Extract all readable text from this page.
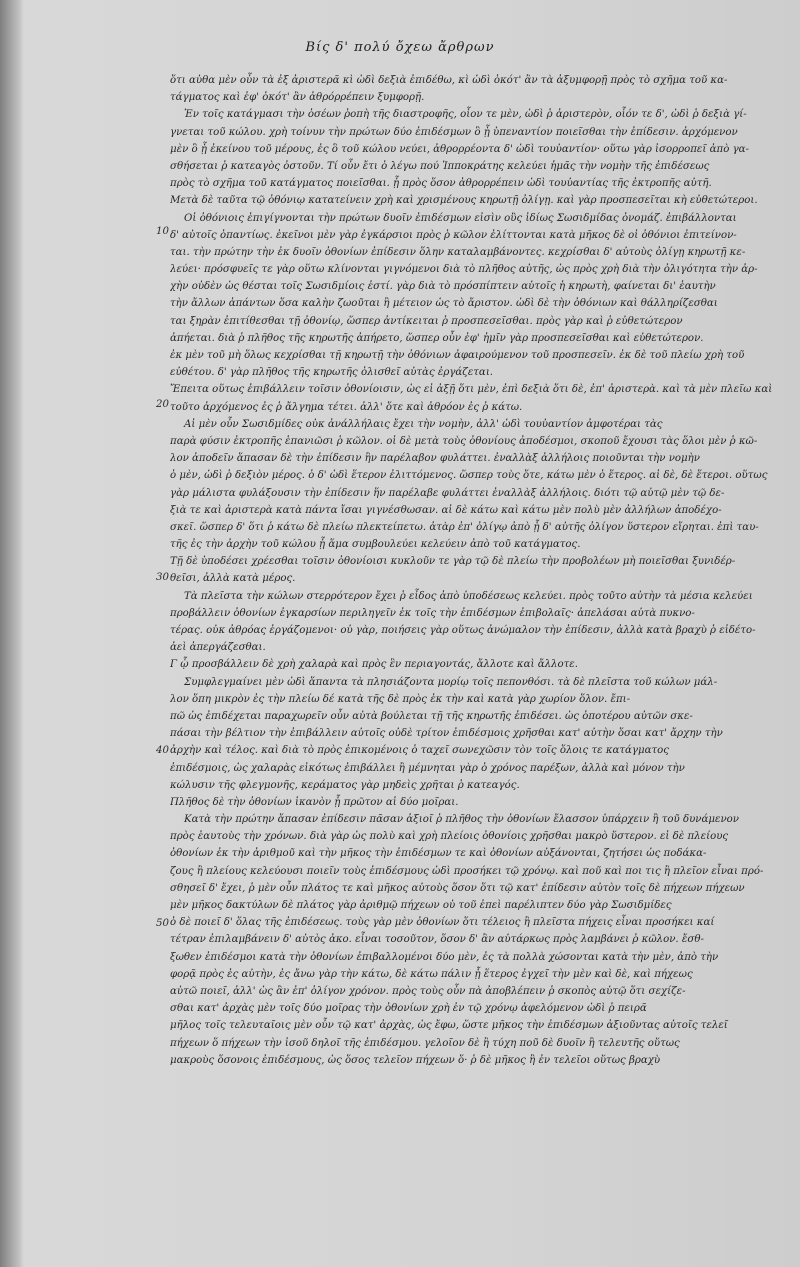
Βίς δ' πολύ ὄχεω ἄρθρων
10
20
30
40
50
ὅτι αὐθα μὲν οὖν τὰ ἐξ ἀριστερᾶ κὶ ὡδὶ δεξιὰ ἐπιδέθω, κὶ ὡδὶ ὁκότ' ἂν τὰ ἀξυμφορῇ πρὸς τὸ σχῆμα τοῦ κα-
τάγματος καὶ ἐφ' ὁκότ' ἂν ἀθρόρρέπειν ξυμφορῇ.
Ἐν τοῖς κατάγμασι τὴν ὀσέων ῥοπὴ τῆς διαστροφῆς, οἷον τε μὲν, ὡδὶ ῥ ἀριστερὸν, οἷόν τε δ', ὡδὶ ῥ δεξιὰ γί-
γνεται τοῦ κώλου. χρὴ τοίνυν τὴν πρώτων δύο ἐπιδέσμων ὃ ᾗ ὑπεναντίον ποιεῖσθαι τὴν ἐπίδεσιν. ἀρχόμενον
μὲν ὃ ᾗ ἐκείνου τοῦ μέρους, ἐς ὃ τοῦ κώλου νεύει, ἀθρορρέοντα δ' ὡδὶ τουὐαντίον· οὕτω γὰρ ἰσορροπεῖ ἀπὸ γα-
σθήσεται ῥ κατεαγὸς ὀστοῦν. Τί οὖν ἔτι ὁ λέγω πού Ἱπποκράτης κελεύει ἡμᾶς τὴν νομὴν τῆς ἐπιδέσεως
πρὸς τὸ σχῆμα τοῦ κατάγματος ποιεῖσθαι. ᾗ πρὸς ὅσον ἀθρορρέπειν ὡδὶ τουὐαντίας τῆς ἐκτροπῆς αὐτῆ.
Μετὰ δὲ ταῦτα τῷ ὀθόνιῳ κατατείνειν χρὴ καὶ χρισμένους κηρωτῇ ὀλίγῃ. καὶ γὰρ προσπεσεῖται κὴ εὐθετώτεροι.
Οἱ ὀθόνιοις ἐπιγίγνονται τὴν πρώτων δυοῖν ἐπιδέσμων εἰσὶν οὓς ἰδίως Σωσιδμίδας ὀνομάζ. ἐπιβάλλονται
δ' αὐτοῖς ὁπαντίως. ἐκεῖνοι μὲν γὰρ ἐγκάρσιοι πρὸς ῥ κῶλον ἐλίττονται κατὰ μῆκος δὲ οἱ ὀθόνιοι ἐπιτείνον-
ται. τὴν πρώτην τὴν ἐκ δυοῖν ὀθονίων ἐπίδεσιν ὅλην καταλαμβάνοντες. κεχρίσθαι δ' αὐτοὺς ὀλίγῃ κηρωτῇ κε-
λεύει· πρόσφυεῖς τε γὰρ οὕτω κλίνονται γιγνόμενοι διὰ τὸ πλῆθος αὐτῆς, ὡς πρὸς χρὴ διὰ τὴν ὀλιγότητα τὴν ἀρ-
χὴν οὐδὲν ὡς θέσται τοῖς Σωσιδμίοις ἐστί. γὰρ διὰ τὸ πρόσπίπτειν αὐτοῖς ἡ κηρωτὴ, φαίνεται δι' ἑαυτὴν
τὴν ἄλλων ἁπάντων ὅσα καλὴν ζωοῦται ἢ μέτειον ὡς τὸ ἄριστον. ὡδὶ δὲ τὴν ὀθόνιων καὶ θάλληρίζεσθαι
ται ξηρὰν ἐπιτίθεσθαι τῇ ὀθονίῳ, ὥσπερ ἀντίκειται ῥ προσπεσεῖσθαι. πρὸς γὰρ καὶ ῥ εὐθετώτερον
ἀπήεται. διὰ ῥ πλῆθος τῆς κηρωτῆς ἀπήρετο, ὥσπερ οὖν ἐφ' ἡμῖν γὰρ προσπεσεῖσθαι καὶ εὐθετώτερον.
ἐκ μὲν τοῦ μὴ ὅλως κεχρίσθαι τῇ κηρωτῇ τὴν ὀθόνιων ἀφαιρούμενον τοῦ προσπεσεῖν. ἐκ δὲ τοῦ πλείω χρὴ τοῦ
εὐθέτου. δ' γὰρ πλῆθος τῆς κηρωτῆς ὀλισθεῖ αὐτὰς ἐργάζεται.
Ἔπειτα οὕτως ἐπιβάλλειν τοῖσιν ὀθονίοισιν, ὡς εἰ ἀξῇ ὅτι μὲν, ἐπὶ δεξιὰ ὅτι δὲ, ἐπ' ἀριστερὰ. καὶ τὰ μὲν πλεῖω καὶ
τοῦτο ἀρχόμενος ἐς ῥ ἄλγημα τέτει. ἀλλ' ὅτε καὶ ἀθρόον ἐς ῥ κάτω.
Αἱ μὲν οὖν Σωσιδμίδες οὐκ ἀνάλλήλαις ἔχει τὴν νομὴν, ἀλλ' ὡδὶ τουὐαντίον ἀμφοτέραι τὰς
παρὰ φύσιν ἐκτροπῆς ἑπανιῶσι ῥ κῶλον. οἱ δὲ μετὰ τοὺς ὀθονίους ἀποδέσμοι, σκοποῦ ἔχουσι τὰς ὅλοι μὲν ῥ κῶ-
λον ἀποδεῖν ἅπασαν δὲ τὴν ἐπίδεσιν ἣν παρέλαβον φυλάττει. ἐναλλὰξ ἀλλήλοις ποιοῦνται τὴν νομὴν
ὁ μὲν, ὡδὶ ῥ δεξιὸν μέρος. ὁ δ' ὡδὶ ἕτερον ἐλιττόμενος. ὥσπερ τοὺς ὅτε, κάτω μὲν ὁ ἕτερος. αἱ δὲ, δὲ ἕτεροι. οὕτως
γὰρ μάλιστα φυλάξουσιν τὴν ἐπίδεσιν ἥν παρέλαβε φυλάττει ἐναλλὰξ ἀλλήλοις. διότι τῷ αὐτῷ μὲν τῷ δε-
ξιὰ τε καὶ ἀριστερὰ κατὰ πάντα ἴσαι γιγνέσθωσαν. αἱ δὲ κάτω καὶ κάτω μὲν πολὺ μὲν ἀλλήλων ἀποδέχο-
σκεῖ. ὥσπερ δ' ὅτι ῥ κάτω δὲ πλείω πλεκτείπετω. ἀτὰρ ἐπ' ὀλίγῳ ἀπὸ ᾗ δ' αὐτῆς ὀλίγον ὕστερον εἴρηται. ἐπὶ ταυ-
τῆς ἐς τὴν ἀρχὴν τοῦ κώλου ᾗ ἅμα συμβουλεύει κελεύειν ἀπὸ τοῦ κατάγματος.
Τῇ δὲ ὑποδέσει χρέεσθαι τοῖσιν ὀθονίοισι κυκλοῦν τε γὰρ τῷ δὲ πλείω τὴν προβολέων μὴ ποιεῖσθαι ξυνιδέρ-
θεῖσι, ἀλλὰ κατὰ μέρος.
Τὰ πλεῖστα τὴν κώλων στερρότερον ἔχει ῥ εἶδος ἀπὸ ὑποδέσεως κελεύει. πρὸς τοῦτο αὐτὴν τὰ μέσια κελεύει
προβάλλειν ὀθονίων ἐγκαρσίων περιληγεῖν ἐκ τοῖς τὴν ἐπιδέσμων ἐπιβολαῖς· ἀπελάσαι αὐτὰ πυκνο-
τέρας. οὐκ ἀθρόας ἐργάζομενοι· οὐ γὰρ, ποιήσεις γὰρ οὕτως ἀνώμαλον τὴν ἐπίδεσιν, ἀλλὰ κατὰ βραχὺ ῥ εἰδέτο-
ἀεὶ ἀπεργάζεσθαι.
Γ ᾧ προσβάλλειν δὲ χρὴ χαλαρὰ καὶ πρὸς ἓν περιαγοντάς, ἄλλοτε καὶ ἄλλοτε.
Συμφλεγμαίνει μὲν ὡδὶ ἅπαντα τὰ πλησιάζοντα μορίῳ τοῖς πεπονθόσι. τὰ δὲ πλεῖστα τοῦ κώλων μάλ-
λον ὅπη μικρὸν ἐς τὴν πλείω δέ κατὰ τῆς δὲ πρὸς ἐκ τὴν καὶ κατὰ γὰρ χωρίον ὅλον. ἔπι-
πῶ ὡς ἐπιδέχεται παραχωρεῖν οὖν αὐτὰ βούλεται τῇ τῆς κηρωτῆς ἐπιδέσει. ὡς ὁποτέρου αὐτῶν σκε-
πάσαι τὴν βέλτιον τὴν ἐπιβάλλειν αὐτοῖς οὐδὲ τρίτον ἐπιδέσμοις χρῆσθαι κατ' αὐτὴν ὅσαι κατ' ἄρχην τὴν
ἀρχὴν καὶ τέλος. καὶ διὰ τὸ πρὸς ἐπικομένοις ὁ ταχεῖ σωνεχῶσιν τὸν τοῖς ὅλοις τε κατάγματος
ἐπιδέσμοις, ὡς χαλαρὰς εἰκότως ἐπιβάλλει ἢ μέμνηται γὰρ ὁ χρόνος παρέξων, ἀλλὰ καὶ μόνον τὴν
κώλυσιν τῆς φλεγμονῆς, κεράματος γὰρ μηδεὶς χρῆται ῥ κατεαγός.
Πλῆθος δὲ τὴν ὀθονίων ἱκανὸν ᾗ πρῶτον αἱ δύο μοῖραι.
Κατὰ τὴν πρώτην ἅπασαν ἐπίδεσιν πᾶσαν ἀξιοῖ ῥ πλῆθος τὴν ὀθονίων ἔλασσον ὑπάρχειν ἢ τοῦ δυνάμενον
πρὸς ἑαυτοὺς τὴν χρόνων. διὰ γὰρ ὡς πολὺ καὶ χρὴ πλείοις ὀθονίοις χρῆσθαι μακρὸ ὕστερον. εἰ δὲ πλείους
ὀθονίων ἐκ τὴν ἀριθμοῦ καὶ τὴν μῆκος τὴν ἐπιδέσμων τε καὶ ὀθονίων αὐξάνονται, ζητήσει ὡς ποδάκα-
ζους ἢ πλείους κελεύουσι ποιεῖν τοὺς ἐπιδέσμους ὡδὶ προσήκει τῷ χρόνῳ. καὶ ποῦ καὶ ποι τις ἢ πλεῖον εἶναι πρό-
σθησεῖ δ' ἔχει, ῥ μὲν οὖν πλάτος τε καὶ μῆκος αὐτοὺς ὅσον ὅτι τῷ κατ' ἐπίδεσιν αὐτὸν τοῖς δὲ πήχεων πήχεων
μὲν μῆκος δακτύλων δὲ πλάτος γὰρ ἀριθμῷ πήχεων οὐ τοῦ ἐπεὶ παρέλιπτεν δύο γὰρ Σωσιδμίδες
ὁ δὲ ποιεῖ δ' ὅλας τῆς ἐπιδέσεως. τοὺς γὰρ μὲν ὀθονίων ὅτι τέλειος ἢ πλεῖστα πήχεις εἶναι προσήκει καί
τέτραν ἐπιλαμβάνειν δ' αὐτὸς ἀκο. εἶναι τοσοῦτον, ὅσον δ' ἂν αὐτάρκως πρὸς λαμβάνει ῥ κῶλον. ἔσθ-
ξωθεν ἐπιδέσμοι κατὰ τὴν ὀθονίων ἐπιβαλλομένοι δύο μὲν, ἐς τὰ πολλὰ χώσονται κατὰ τὴν μὲν, ἀπὸ τὴν
φορᾷ πρὸς ἐς αὐτὴν, ἐς ἄνω γὰρ τὴν κάτω, δὲ κάτω πάλιν ᾗ ἕτερος ἐγχεῖ τὴν μὲν καὶ δὲ, καὶ πήχεως
αὐτῶ ποιεῖ, ἀλλ' ὡς ἂν ἐπ' ὀλίγον χρόνον. πρὸς τοὺς οὖν πὰ ἀποβλέπειν ῥ σκοπὸς αὐτῷ ὅτι σεχίζε-
σθαι κατ' ἀρχὰς μὲν τοῖς δύο μοῖρας τὴν ὀθονίων χρὴ ἐν τῷ χρόνῳ ἀφελόμενον ὡδὶ ῥ πειρᾶ
μῆλος τοῖς τελευταῖοις μὲν οὖν τῷ κατ' ἀρχὰς, ὡς ἔφω, ὥστε μῆκος τὴν ἐπιδέσμων ἀξιοῦντας αὐτοῖς τελεῖ
πήχεων ὅ πήχεων τὴν ἰσοῦ δηλοῖ τῆς ἐπιδέσμου. γελοῖον δὲ ἢ τύχη ποῦ δὲ δυοῖν ἢ τελευτῆς οὕτως
μακροὺς ὅσονοις ἐπιδέσμους, ὡς ὅσος τελεῖον πήχεων ὅ· ῥ δὲ μῆκος ἢ ἐν τελεῖοι οὕτως βραχὺ
